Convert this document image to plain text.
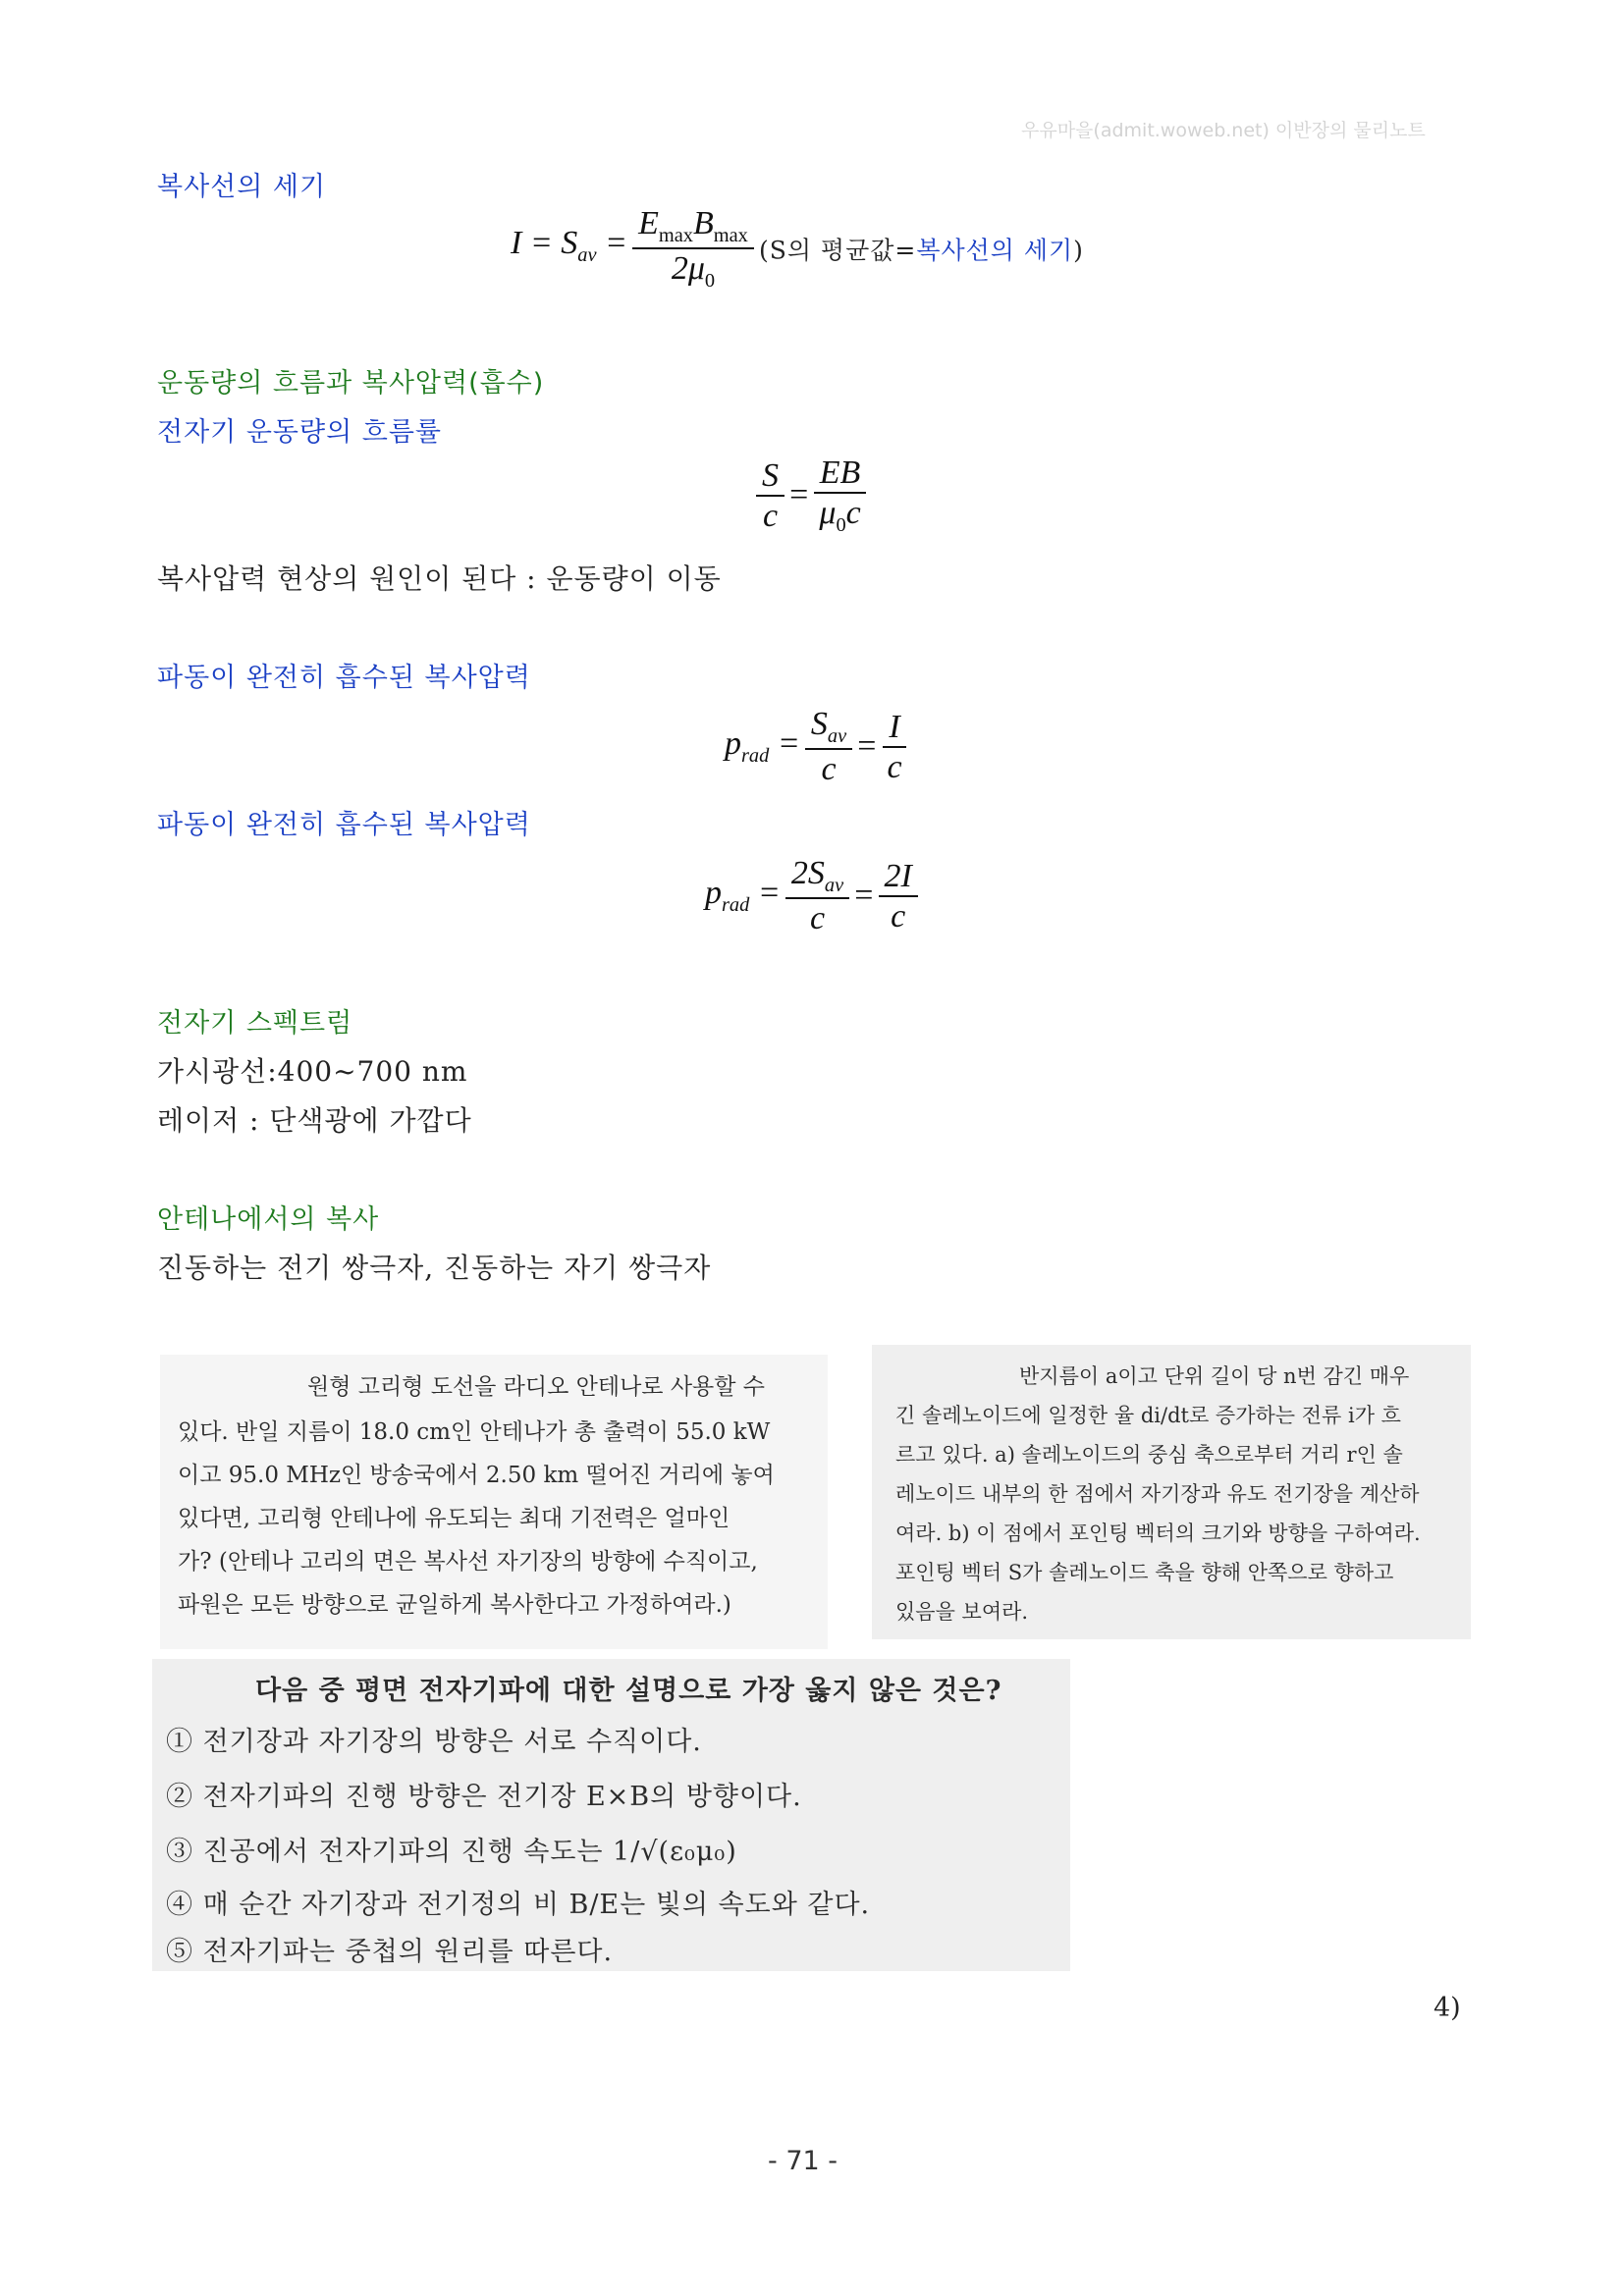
우유마을(admit.woweb.net) 이반장의 물리노트
복사선의 세기
$I = S_{av} = \frac{E_{max}B_{max}}{2\mu_0} (S$의 평균값=복사선의 세기)
운동량의 흐름과 복사압력(흡수)
전자기 운동량의 흐름률
$\frac{S}{c} = \frac{EB}{\mu_0c}$
복사압력 현상의 원인이 된다 : 운동량이 이동
파동이 완전히 흡수된 복사압력
$p_{rad} = \frac{S_{av}}{c} = \frac{I}{c}$
파동이 완전히 흡수된 복사압력
$p_{rad} = \frac{2S_{av}}{c} = \frac{2I}{c}$
전자기 스펙트럼
가시광선:400~700 nm
레이저 : 단색광에 가깝다
안테나에서의 복사
진동하는 전기 쌍극자, 진동하는 자기 쌍극자

원형 고리형 도선을 라디오 안테나로 사용할 수

있다. 반일 지름이 18.0 cm인 안테나가 총 출력이 55.0 kW

이고 95.0 MHz인 방송국에서 2.50 km 떨어진 거리에 놓여

있다면, 고리형 안테나에 유도되는 최대 기전력은 얼마인

가? (안테나 고리의 면은 복사선 자기장의 방향에 수직이고,

파원은 모든 방향으로 균일하게 복사한다고 가정하여라.)

반지름이 a이고 단위 길이 당 n번 감긴 매우

긴 솔레노이드에 일정한 율 di/dt로 증가하는 전류 i가 흐

르고 있다. a) 솔레노이드의 중심 축으로부터 거리 r인 솔

레노이드 내부의 한 점에서 자기장과 유도 전기장을 계산하

여라. b) 이 점에서 포인팅 벡터의 크기와 방향을 구하여라.

포인팅 벡터 S가 솔레노이드 축을 향해 안쪽으로 향하고

있음을 보여라.

다음 중 평면 전자기파에 대한 설명으로 가장 옳지 않은 것은?

① 전기장과 자기장의 방향은 서로 수직이다.

② 전자기파의 진행 방향은 전기장 E×B의 방향이다.

③ 진공에서 전자기파의 진행 속도는 1/√(ε₀μ₀)

④ 매 순간 자기장과 전기정의 비 B/E는 빛의 속도와 같다.

⑤ 전자기파는 중첩의 원리를 따른다.

4)
- 71 -
